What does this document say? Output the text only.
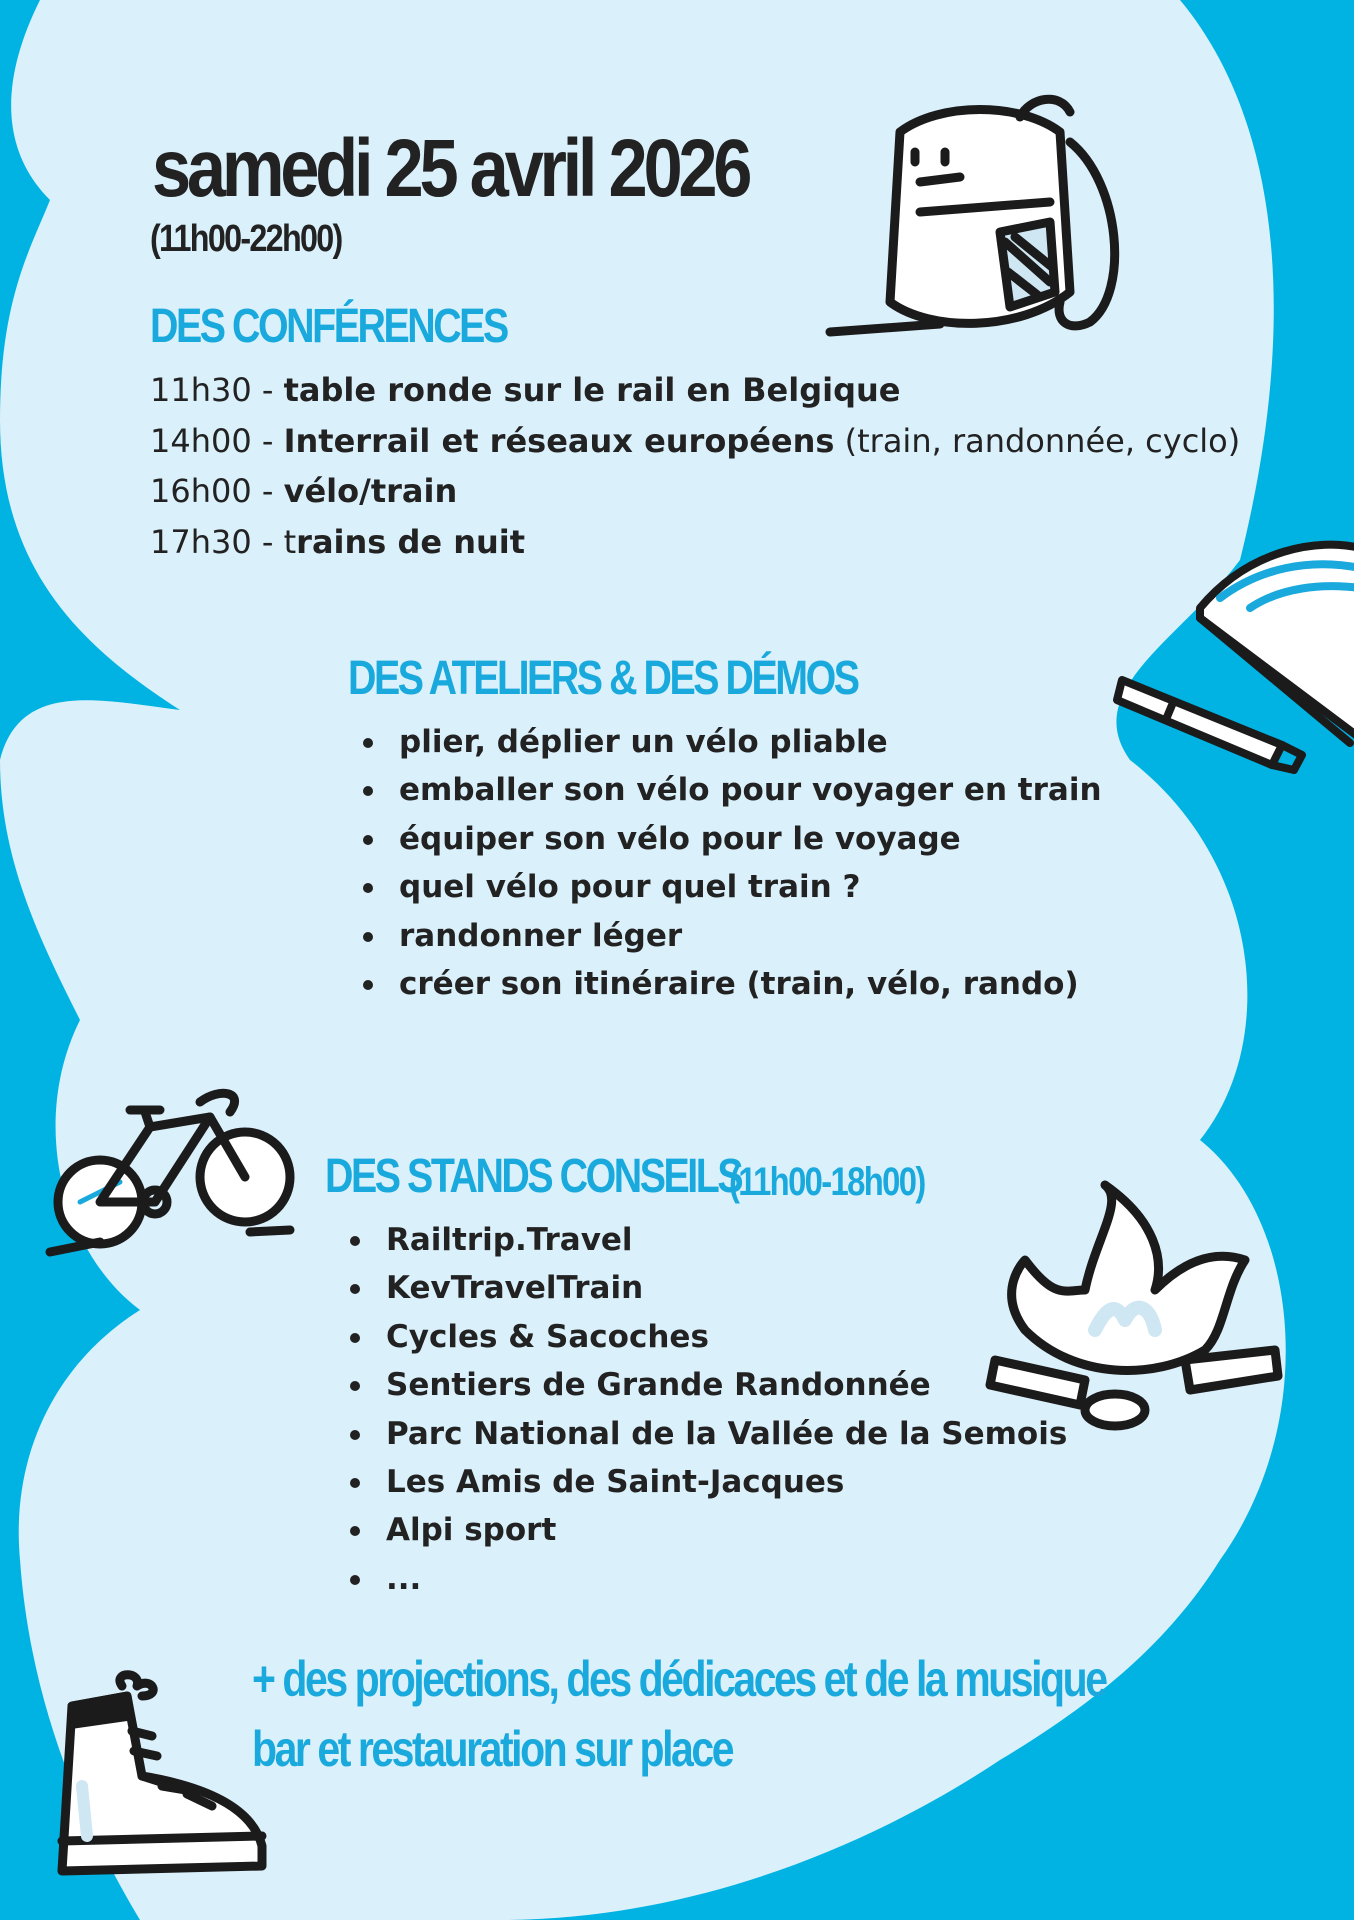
samedi 25 avril 2026
(11h00-22h00)
DES CONFÉRENCES
11h30 - table ronde sur le rail en Belgique
14h00 - Interrail et réseaux européens (train, randonnée, cyclo)
16h00 - vélo/train
17h30 - trains de nuit
DES ATELIERS & DES DÉMOS
plier, déplier un vélo pliable
emballer son vélo pour voyager en train
équiper son vélo pour le voyage
quel vélo pour quel train ?
randonner léger
créer son itinéraire (train, vélo, rando)
DES STANDS CONSEILS
(11h00-18h00)
Railtrip.Travel
KevTravelTrain
Cycles & Sacoches
Sentiers de Grande Randonnée
Parc National de la Vallée de la Semois
Les Amis de Saint-Jacques
Alpi sport
...
+ des projections, des dédicaces et de la musique
bar et restauration sur place
